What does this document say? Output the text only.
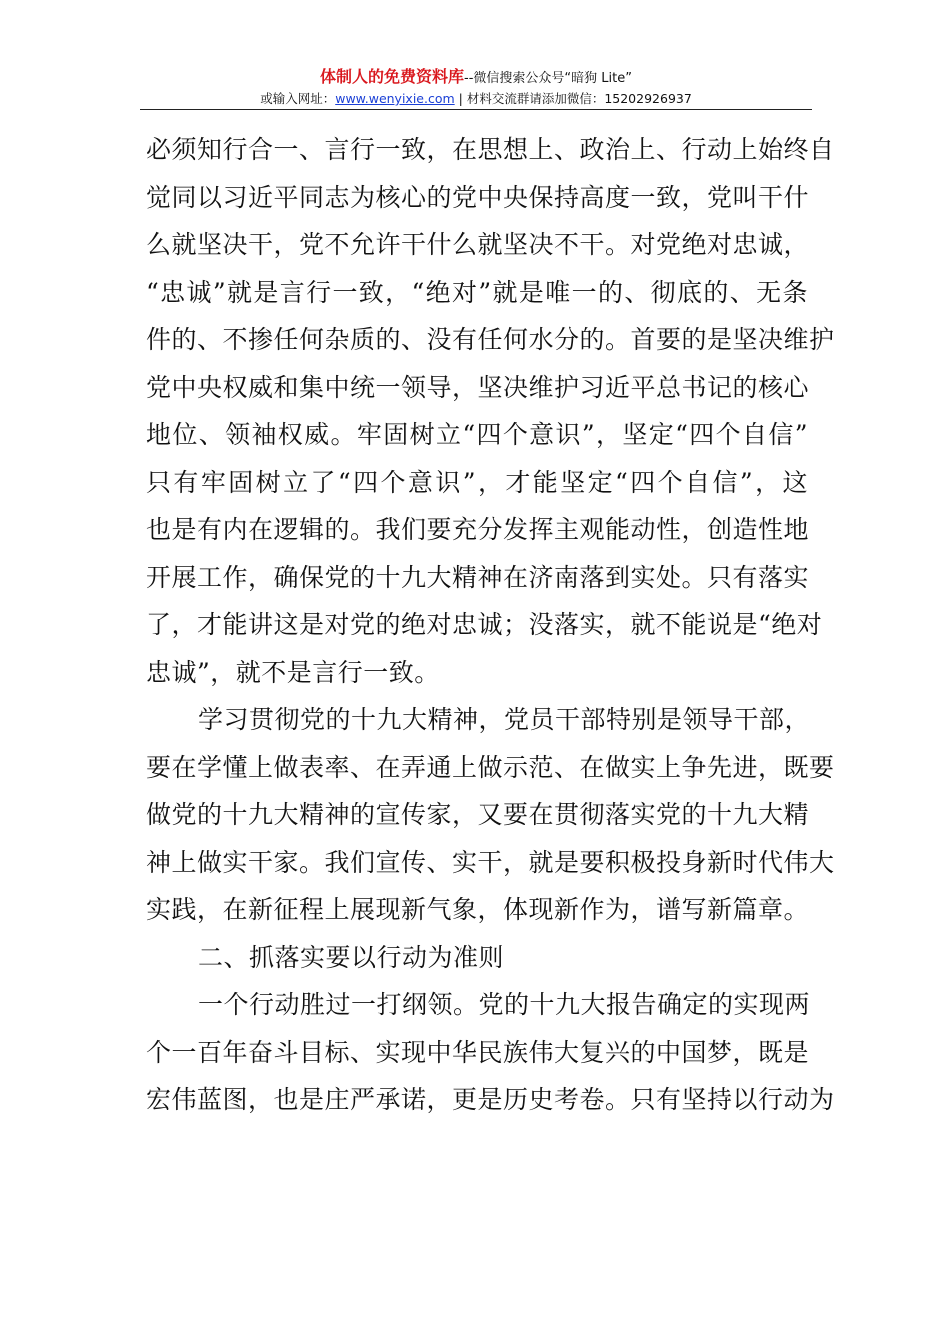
体制人的免费资料库--微信搜索公众号“暗狗 Lite”
或输入网址：www.wenyixie.com | 材料交流群请添加微信：15202926937
必须知行合一、言行一致，在思想上、政治上、行动上始终自
觉同以习近平同志为核心的党中央保持高度一致，党叫干什
么就坚决干，党不允许干什么就坚决不干。对党绝对忠诚，
“忠诚”就是言行一致，“绝对”就是唯一的、彻底的、无条
件的、不掺任何杂质的、没有任何水分的。首要的是坚决维护
党中央权威和集中统一领导，坚决维护习近平总书记的核心
地位、领袖权威。牢固树立“四个意识”，坚定“四个自信”
只有牢固树立了“四个意识”，才能坚定“四个自信”，这
也是有内在逻辑的。我们要充分发挥主观能动性，创造性地
开展工作，确保党的十九大精神在济南落到实处。只有落实
了，才能讲这是对党的绝对忠诚；没落实，就不能说是“绝对
忠诚”，就不是言行一致。
学习贯彻党的十九大精神，党员干部特别是领导干部，
要在学懂上做表率、在弄通上做示范、在做实上争先进，既要
做党的十九大精神的宣传家，又要在贯彻落实党的十九大精
神上做实干家。我们宣传、实干，就是要积极投身新时代伟大
实践，在新征程上展现新气象，体现新作为，谱写新篇章。
二、抓落实要以行动为准则
一个行动胜过一打纲领。党的十九大报告确定的实现两
个一百年奋斗目标、实现中华民族伟大复兴的中国梦，既是
宏伟蓝图，也是庄严承诺，更是历史考卷。只有坚持以行动为
